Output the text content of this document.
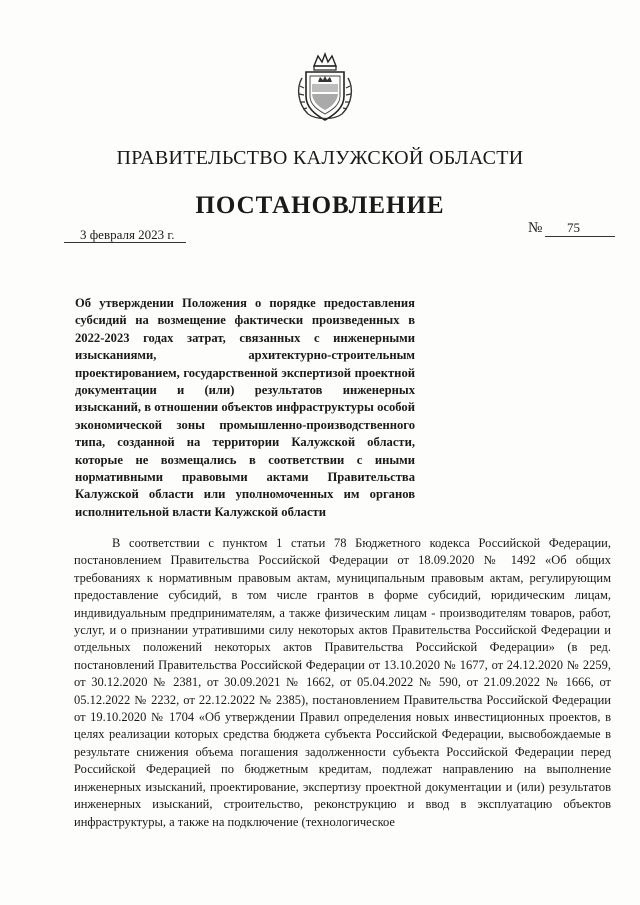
ПРАВИТЕЛЬСТВО КАЛУЖСКОЙ ОБЛАСТИ
ПОСТАНОВЛЕНИЕ
3 февраля 2023 г.	№ 75
Об утверждении Положения о порядке предоставления субсидий на возмещение фактически произведенных в 2022-2023 годах затрат, связанных с инженерными изысканиями, архитектурно-строительным проектированием, государственной экспертизой проектной документации и (или) результатов инженерных изысканий, в отношении объектов инфраструктуры особой экономической зоны промышленно-производственного типа, созданной на территории Калужской области, которые не возмещались в соответствии с иными нормативными правовыми актами Правительства Калужской области или уполномоченных им органов исполнительной власти Калужской области
В соответствии с пунктом 1 статьи 78 Бюджетного кодекса Российской Федерации, постановлением Правительства Российской Федерации от 18.09.2020 № 1492 «Об общих требованиях к нормативным правовым актам, муниципальным правовым актам, регулирующим предоставление субсидий, в том числе грантов в форме субсидий, юридическим лицам, индивидуальным предпринимателям, а также физическим лицам - производителям товаров, работ, услуг, и о признании утратившими силу некоторых актов Правительства Российской Федерации и отдельных положений некоторых актов Правительства Российской Федерации» (в ред. постановлений Правительства Российской Федерации от 13.10.2020 № 1677, от 24.12.2020 № 2259, от 30.12.2020 № 2381, от 30.09.2021 № 1662, от 05.04.2022 № 590, от 21.09.2022 № 1666, от 05.12.2022 № 2232, от 22.12.2022 № 2385), постановлением Правительства Российской Федерации от 19.10.2020 № 1704 «Об утверждении Правил определения новых инвестиционных проектов, в целях реализации которых средства бюджета субъекта Российской Федерации, высвобождаемые в результате снижения объема погашения задолженности субъекта Российской Федерации перед Российской Федерацией по бюджетным кредитам, подлежат направлению на выполнение инженерных изысканий, проектирование, экспертизу проектной документации и (или) результатов инженерных изысканий, строительство, реконструкцию и ввод в эксплуатацию объектов инфраструктуры, а также на подключение (технологическое
